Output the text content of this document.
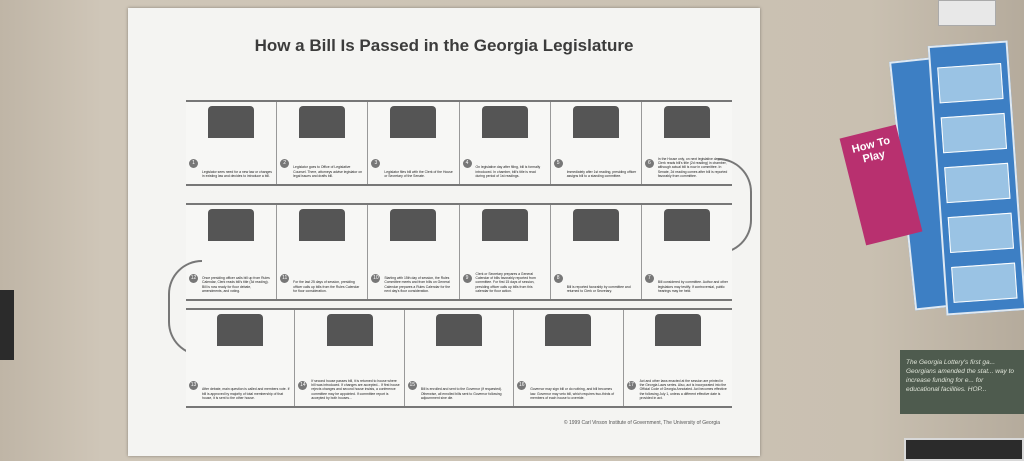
How a Bill Is Passed in the Georgia Legislature
1
Legislator sees need for a new law or changes in existing law and decides to introduce a bill.
2
Legislator goes to Office of Legislative Counsel. There, attorneys advise legislator on legal issues and drafts bill.
3
Legislator files bill with the Clerk of the House or Secretary of the Senate.
4
On legislative day after filing, bill is formally introduced. In chamber, bill's title is read during period of 1st readings.
5
Immediately after 1st reading, presiding officer assigns bill to a standing committee.
6
In the House only, on next legislative day, Clerk reads bill's title (2d reading) in chamber, although actual bill is now in committee. In Senate, 2d reading comes after bill is reported favorably from committee.
12	Once presiding officer calls bill up from Rules Calendar, Clerk reads bill's title (3d reading). Bill is now ready for floor debate, amendments, and voting.
11
For the last 25 days of session, presiding officer calls up bills from the Rules Calendar for floor consideration.
10	Starting with 15th day of session, the Rules Committee meets and from bills on General Calendar prepares a Rules Calendar for the next day's floor consideration.
9
Clerk or Secretary prepares a General Calendar of bills favorably reported from committee. For first 15 days of session, presiding officer calls up bills from this calendar for floor action.
8
Bill is reported favorably by committee and returned to Clerk or Secretary.
7
Bill considered by committee. Author and other legislators may testify. If controversial, public hearings may be held.
13
After debate, main question is called and members vote. If bill is approved by majority of total membership of that house, it is sent to the other house.
14
If second house passes bill, it is returned to house where bill was introduced. If changes are accepted... If first house rejects changes and second house insists, a conference committee may be appointed. If committee report is accepted by both houses...
15
Bill is enrolled and sent to the Governor (if requested). Otherwise, all enrolled bills sent to Governor following adjournment sine die.
16
Governor may sign bill or do nothing, and bill becomes law. Governor may veto bill, which requires two-thirds of members of each house to override.
17
Act and other laws enacted at the session are printed in the Georgia Laws series. Also, act is incorporated into the Official Code of Georgia Annotated. Act becomes effective the following July 1, unless a different effective date is provided in act.
© 1999 Carl Vinson Institute of Government, The University of Georgia
How To Play
The Georgia Lottery's first ga... Georgians amended the stat... way to increase funding for e... for educational facilities. HOP...
